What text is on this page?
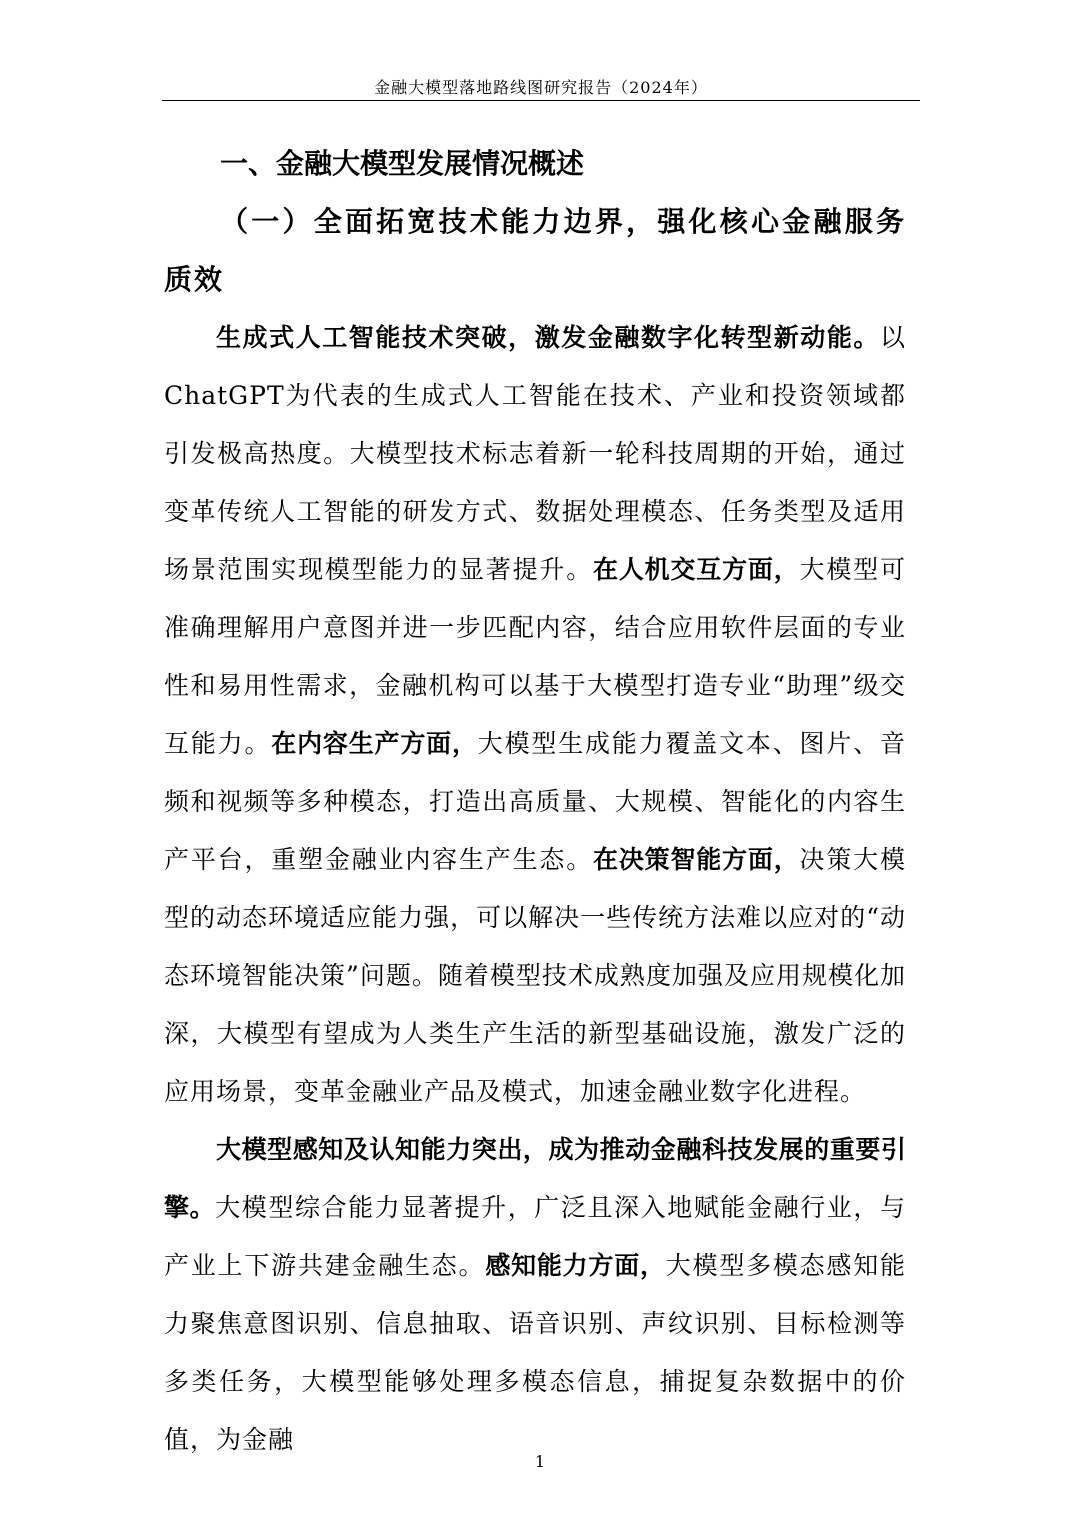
金融大模型落地路线图研究报告（2024年）
一、金融大模型发展情况概述
（一）全面拓宽技术能力边界，强化核心金融服务质效

生成式人工智能技术突破，激发金融数字化转型新动能。以ChatGPT为代表的生成式人工智能在技术、产业和投资领域都引发极高热度。大模型技术标志着新一轮科技周期的开始，通过变革传统人工智能的研发方式、数据处理模态、任务类型及适用场景范围实现模型能力的显著提升。在人机交互方面，大模型可准确理解用户意图并进一步匹配内容，结合应用软件层面的专业性和易用性需求，金融机构可以基于大模型打造专业“助理”级交互能力。在内容生产方面，大模型生成能力覆盖文本、图片、音频和视频等多种模态，打造出高质量、大规模、智能化的内容生产平台，重塑金融业内容生产生态。在决策智能方面，决策大模型的动态环境适应能力强，可以解决一些传统方法难以应对的“动态环境智能决策”问题。随着模型技术成熟度加强及应用规模化加深，大模型有望成为人类生产生活的新型基础设施，激发广泛的应用场景，变革金融业产品及模式，加速金融业数字化进程。

大模型感知及认知能力突出，成为推动金融科技发展的重要引擎。大模型综合能力显著提升，广泛且深入地赋能金融行业，与产业上下游共建金融生态。感知能力方面，大模型多模态感知能力聚焦意图识别、信息抽取、语音识别、声纹识别、目标检测等多类任务，大模型能够处理多模态信息，捕捉复杂数据中的价值，为金融

1
